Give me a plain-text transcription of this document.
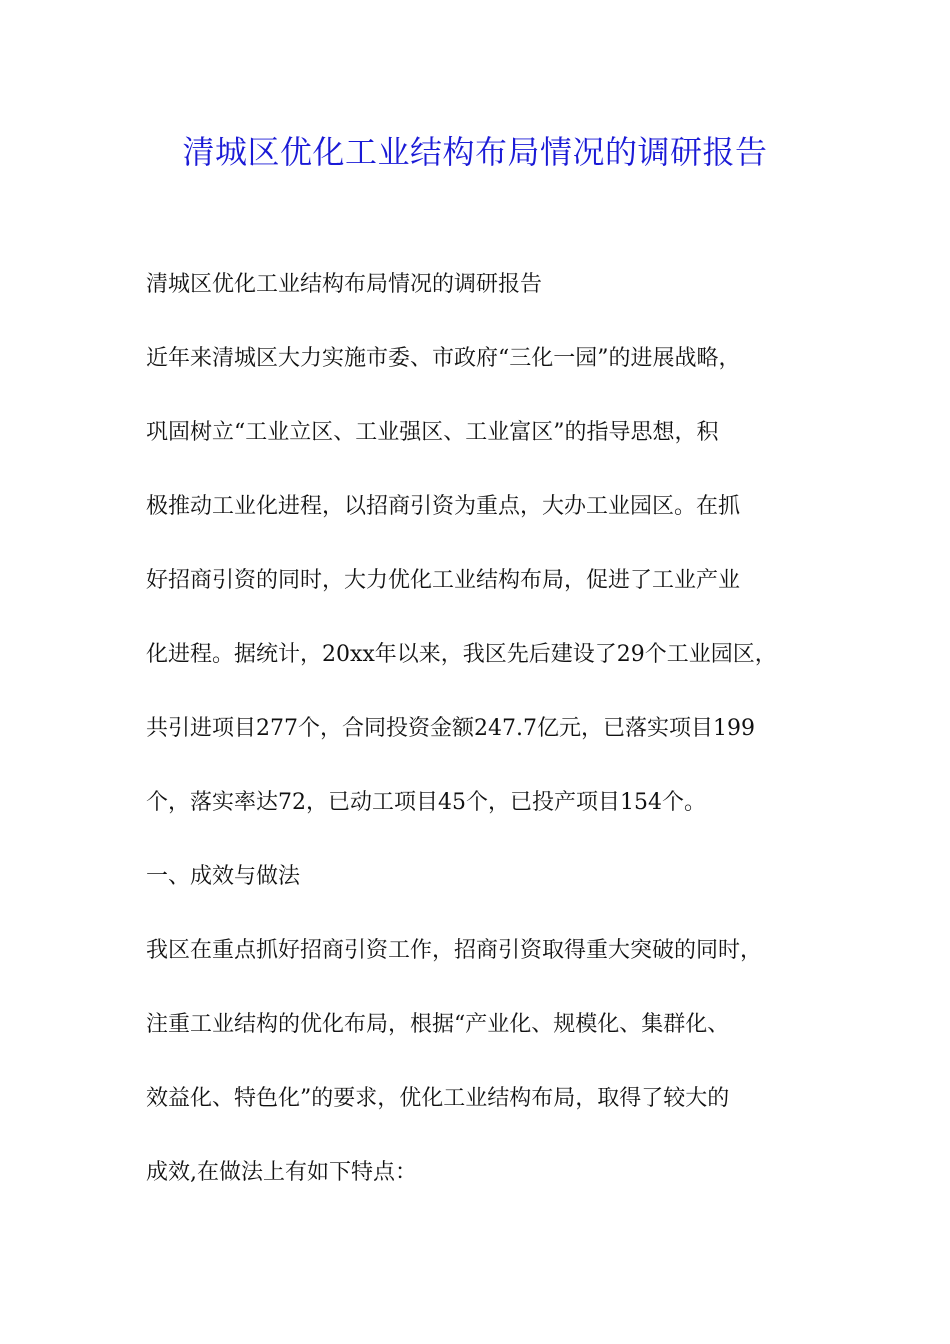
清城区优化工业结构布局情况的调研报告
清城区优化工业结构布局情况的调研报告
近年来清城区大力实施市委、市政府“三化一园”的进展战略，
巩固树立“工业立区、工业强区、工业富区”的指导思想，积
极推动工业化进程，以招商引资为重点，大办工业园区。在抓
好招商引资的同时，大力优化工业结构布局，促进了工业产业
化进程。据统计，20xx年以来，我区先后建设了29个工业园区，
共引进项目277个，合同投资金额247.7亿元，已落实项目199
个，落实率达72，已动工项目45个，已投产项目154个。
一、成效与做法
我区在重点抓好招商引资工作，招商引资取得重大突破的同时，
注重工业结构的优化布局，根据“产业化、规模化、集群化、
效益化、特色化”的要求，优化工业结构布局，取得了较大的
成效,在做法上有如下特点：
